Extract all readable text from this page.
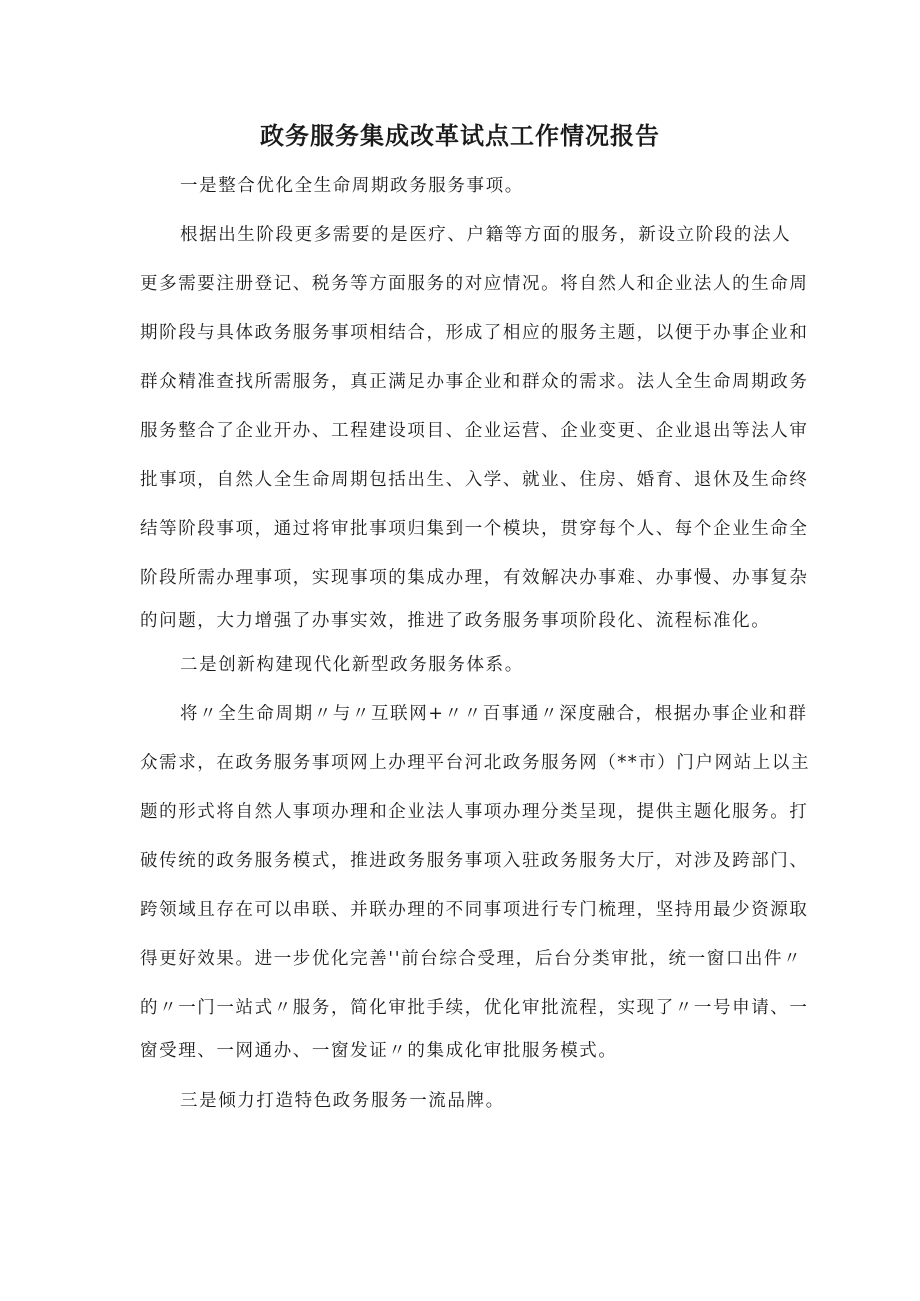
政务服务集成改革试点工作情况报告
一是整合优化全生命周期政务服务事项。
根据出生阶段更多需要的是医疗、户籍等方面的服务，新设立阶段的法人
更多需要注册登记、税务等方面服务的对应情况。将自然人和企业法人的生命周
期阶段与具体政务服务事项相结合，形成了相应的服务主题，以便于办事企业和
群众精准查找所需服务，真正满足办事企业和群众的需求。法人全生命周期政务
服务整合了企业开办、工程建设项目、企业运营、企业变更、企业退出等法人审
批事项，自然人全生命周期包括出生、入学、就业、住房、婚育、退休及生命终
结等阶段事项，通过将审批事项归集到一个模块，贯穿每个人、每个企业生命全
阶段所需办理事项，实现事项的集成办理，有效解决办事难、办事慢、办事复杂
的问题，大力增强了办事实效，推进了政务服务事项阶段化、流程标准化。
二是创新构建现代化新型政务服务体系。
将〃全生命周期〃与〃互联网+〃〃百事通〃深度融合，根据办事企业和群
众需求，在政务服务事项网上办理平台河北政务服务网（**市）门户网站上以主
题的形式将自然人事项办理和企业法人事项办理分类呈现，提供主题化服务。打
破传统的政务服务模式，推进政务服务事项入驻政务服务大厅，对涉及跨部门、
跨领域且存在可以串联、并联办理的不同事项进行专门梳理，坚持用最少资源取
得更好效果。进一步优化完善''前台综合受理，后台分类审批，统一窗口出件〃
的〃一门一站式〃服务，简化审批手续，优化审批流程，实现了〃一号申请、一
窗受理、一网通办、一窗发证〃的集成化审批服务模式。
三是倾力打造特色政务服务一流品牌。
